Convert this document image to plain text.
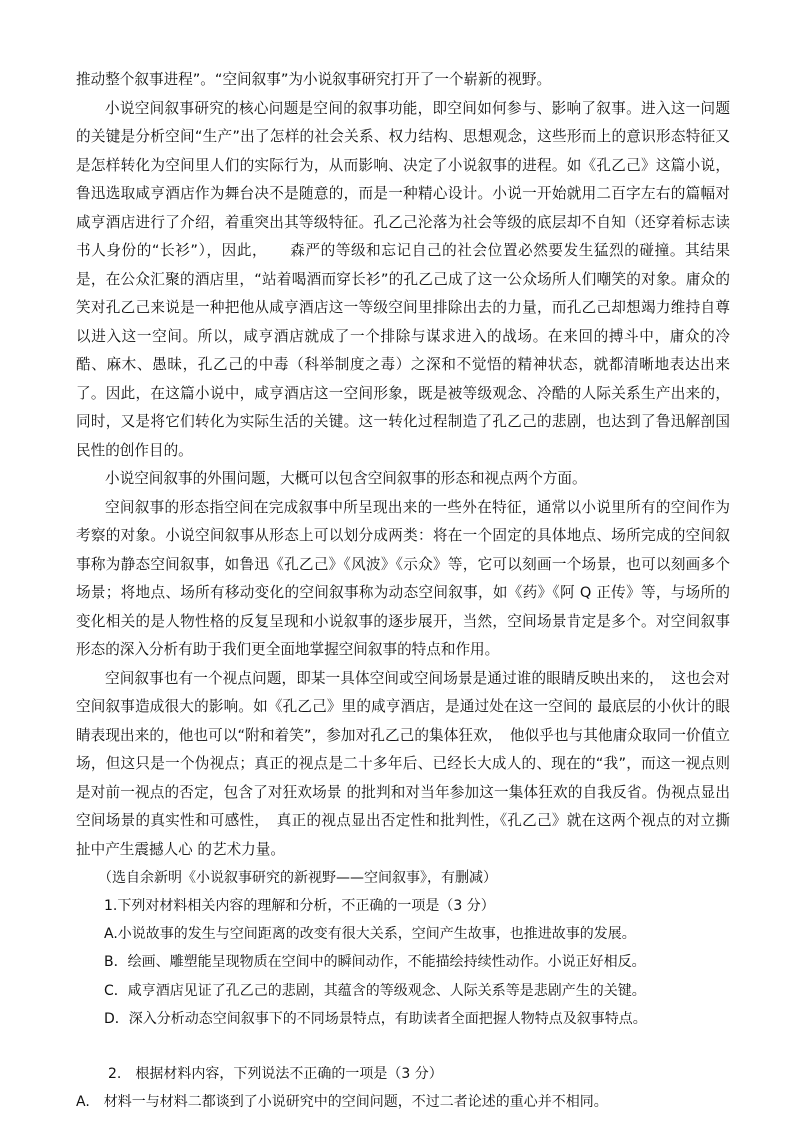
推动整个叙事进程”。“空间叙事”为小说叙事研究打开了一个崭新的视野。

小说空间叙事研究的核心问题是空间的叙事功能，即空间如何参与、影响了叙事。进入这一问题的关键是分析空间“生产”出了怎样的社会关系、权力结构、思想观念，这些形而上的意识形态特征又是怎样转化为空间里人们的实际行为，从而影响、决定了小说叙事的进程。如《孔乙己》这篇小说，鲁迅选取咸亨酒店作为舞台决不是随意的，而是一种精心设计。小说一开始就用二百字左右的篇幅对咸亨酒店进行了介绍，着重突出其等级特征。孔乙己沦落为社会等级的底层却不自知（还穿着标志读书人身份的“长衫”），因此，　　森严的等级和忘记自己的社会位置必然要发生猛烈的碰撞。其结果是，在公众汇聚的酒店里，“站着喝酒而穿长衫”的孔乙己成了这一公众场所人们嘲笑的对象。庸众的笑对孔乙己来说是一种把他从咸亨酒店这一等级空间里排除出去的力量，而孔乙己却想竭力维持自尊以进入这一空间。所以，咸亨酒店就成了一个排除与谋求进入的战场。在来回的搏斗中，庸众的冷酷、麻木、愚昧，孔乙己的中毒（科举制度之毒）之深和不觉悟的精神状态，就都清晰地表达出来了。因此，在这篇小说中，咸亨酒店这一空间形象，既是被等级观念、冷酷的人际关系生产出来的，同时，又是将它们转化为实际生活的关键。这一转化过程制造了孔乙己的悲剧，也达到了鲁迅解剖国民性的创作目的。

小说空间叙事的外围问题，大概可以包含空间叙事的形态和视点两个方面。

空间叙事的形态指空间在完成叙事中所呈现出来的一些外在特征，通常以小说里所有的空间作为考察的对象。小说空间叙事从形态上可以划分成两类：将在一个固定的具体地点、场所完成的空间叙事称为静态空间叙事，如鲁迅《孔乙己》《风波》《示众》等，它可以刻画一个场景，也可以刻画多个场景；将地点、场所有移动变化的空间叙事称为动态空间叙事，如《药》《阿 Q 正传》等，与场所的变化相关的是人物性格的反复呈现和小说叙事的逐步展开，当然，空间场景肯定是多个。对空间叙事形态的深入分析有助于我们更全面地掌握空间叙事的特点和作用。

空间叙事也有一个视点问题，即某一具体空间或空间场景是通过谁的眼睛反映出来的，　这也会对空间叙事造成很大的影响。如《孔乙己》里的咸亨酒店，是通过处在这一空间的 最底层的小伙计的眼睛表现出来的，他也可以“附和着笑”，参加对孔乙己的集体狂欢，　他似乎也与其他庸众取同一价值立场，但这只是一个伪视点；真正的视点是二十多年后、已经长大成人的、现在的“我”，而这一视点则是对前一视点的否定，包含了对狂欢场景 的批判和对当年参加这一集体狂欢的自我反省。伪视点显出空间场景的真实性和可感性，　真正的视点显出否定性和批判性，《孔乙己》就在这两个视点的对立撕扯中产生震撼人心 的艺术力量。

（选自余新明《小说叙事研究的新视野——空间叙事》，有删减）

1.下列对材料相关内容的理解和分析，不正确的一项是（3 分）

A.小说故事的发生与空间距离的改变有很大关系，空间产生故事，也推进故事的发展。

B．绘画、雕塑能呈现物质在空间中的瞬间动作，不能描绘持续性动作。小说正好相反。

C．咸亨酒店见证了孔乙己的悲剧，其蕴含的等级观念、人际关系等是悲剧产生的关键。

D．深入分析动态空间叙事下的不同场景特点，有助读者全面把握人物特点及叙事特点。

2.　根据材料内容，下列说法不正确的一项是（3 分）

A.　材料一与材料二都谈到了小说研究中的空间问题，不过二者论述的重心并不相同。
